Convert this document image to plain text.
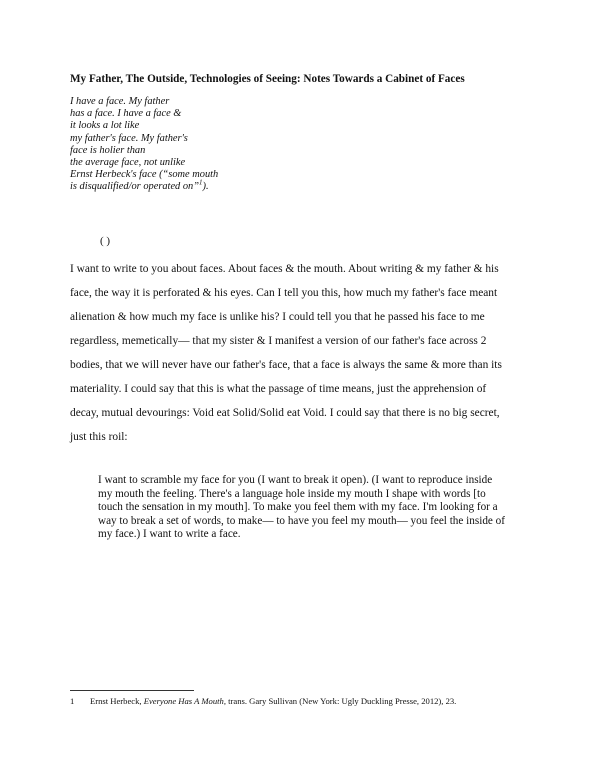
My Father, The Outside, Technologies of Seeing: Notes Towards a Cabinet of Faces
I have a face. My father
has a face. I have a face &
it looks a lot like
my father's face. My father's
face is holier than
the average face, not unlike
Ernst Herbeck's face (“some mouth
is disqualified/or operated on”$^1$).
( )
I want to write to you about faces. About faces & the mouth. About writing & my father & his
face, the way it is perforated & his eyes. Can I tell you this, how much my father's face meant
alienation & how much my face is unlike his? I could tell you that he passed his face to me
regardless, memetically— that my sister & I manifest a version of our father's face across 2
bodies, that we will never have our father's face, that a face is always the same & more than its
materiality. I could say that this is what the passage of time means, just the apprehension of
decay, mutual devourings: Void eat Solid/Solid eat Void. I could say that there is no big secret,
just this roil:
I want to scramble my face for you (I want to break it open). (I want to reproduce inside
my mouth the feeling. There's a language hole inside my mouth I shape with words [to
touch the sensation in my mouth]. To make you feel them with my face. I'm looking for a
way to break a set of words, to make— to have you feel my mouth— you feel the inside of
my face.) I want to write a face.
1 Ernst Herbeck, Everyone Has A Mouth, trans. Gary Sullivan (New York: Ugly Duckling Presse, 2012), 23.
